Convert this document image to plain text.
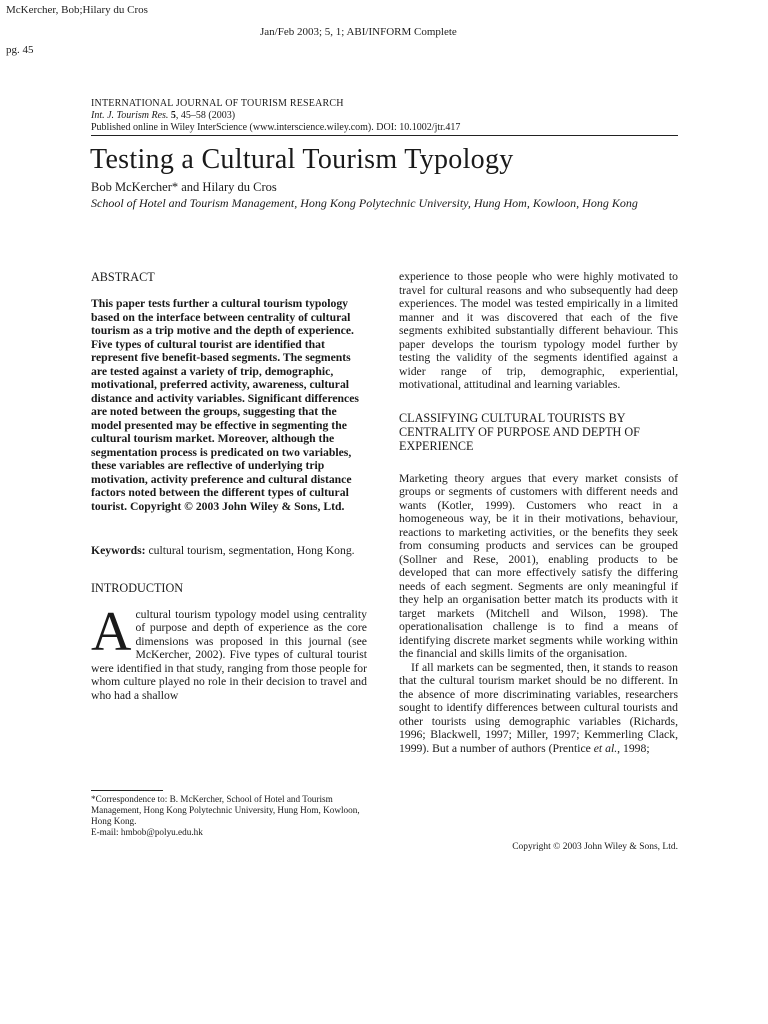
McKercher, Bob;Hilary du Cros
pg. 45
Jan/Feb 2003; 5, 1; ABI/INFORM Complete
INTERNATIONAL JOURNAL OF TOURISM RESEARCH
Int. J. Tourism Res. 5, 45–58 (2003)
Published online in Wiley InterScience (www.interscience.wiley.com). DOI: 10.1002/jtr.417
Testing a Cultural Tourism Typology
Bob McKercher* and Hilary du Cros
School of Hotel and Tourism Management, Hong Kong Polytechnic University, Hung Hom, Kowloon, Hong Kong

ABSTRACT

This paper tests further a cultural tourism typology based on the interface between centrality of cultural tourism as a trip motive and the depth of experience. Five types of cultural tourist are identified that represent five benefit-based segments. The segments are tested against a variety of trip, demographic, motivational, preferred activity, awareness, cultural distance and activity variables. Significant differences are noted between the groups, suggesting that the model presented may be effective in segmenting the cultural tourism market. Moreover, although the segmentation process is predicated on two variables, these variables are reflective of underlying trip motivation, activity preference and cultural distance factors noted between the different types of cultural tourist. Copyright © 2003 John Wiley & Sons, Ltd.

Keywords: cultural tourism, segmentation, Hong Kong.

INTRODUCTION

A cultural tourism typology model using centrality of purpose and depth of experience as the core dimensions was proposed in this journal (see McKercher, 2002). Five types of cultural tourist were identified in that study, ranging from those people for whom culture played no role in their decision to travel and who had a shallow
*Correspondence to: B. McKercher, School of Hotel and Tourism Management, Hong Kong Polytechnic University, Hung Hom, Kowloon, Hong Kong.
E-mail: hmbob@polyu.edu.hk

experience to those people who were highly motivated to travel for cultural reasons and who subsequently had deep experiences. The model was tested empirically in a limited manner and it was discovered that each of the five segments exhibited substantially different behaviour. This paper develops the tourism typology model further by testing the validity of the segments identified against a wider range of trip, demographic, experiential, motivational, attitudinal and learning variables.

CLASSIFYING CULTURAL TOURISTS BY CENTRALITY OF PURPOSE AND DEPTH OF EXPERIENCE

Marketing theory argues that every market consists of groups or segments of customers with different needs and wants (Kotler, 1999). Customers who react in a homogeneous way, be it in their motivations, behaviour, reactions to marketing activities, or the benefits they seek from consuming products and services can be grouped (Sollner and Rese, 2001), enabling products to be developed that can more effectively satisfy the differing needs of each segment. Segments are only meaningful if they help an organisation better match its products with it target markets (Mitchell and Wilson, 1998). The operationalisation challenge is to find a means of identifying discrete market segments while working within the financial and skills limits of the organisation.

If all markets can be segmented, then, it stands to reason that the cultural tourism market should be no different. In the absence of more discriminating variables, researchers sought to identify differences between cultural tourists and other tourists using demographic variables (Richards, 1996; Blackwell, 1997; Miller, 1997; Kemmerling Clack, 1999). But a number of authors (Prentice et al., 1998;

Copyright © 2003 John Wiley & Sons, Ltd.
